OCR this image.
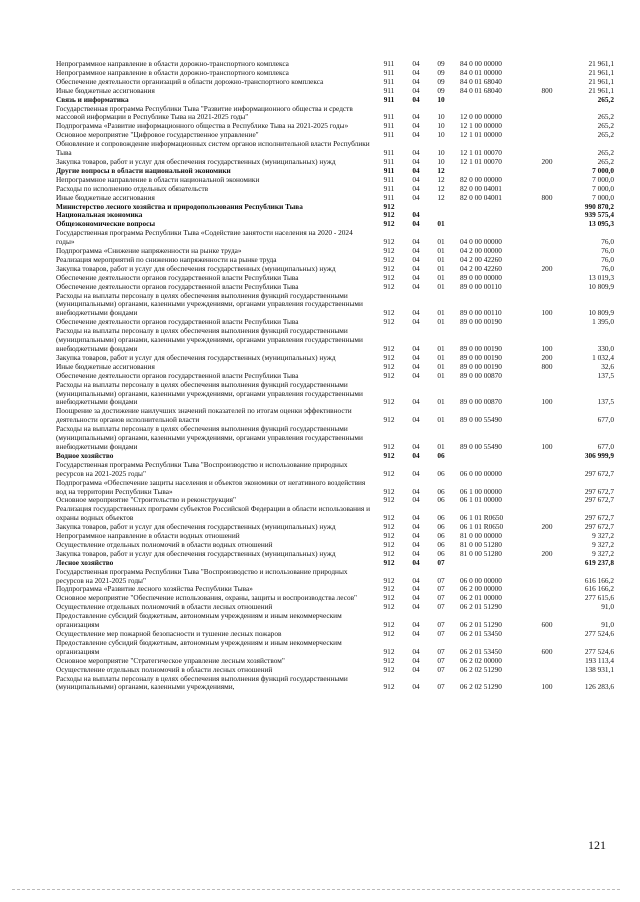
Непрограммное направление в области дорожно-транспортного комплекса	911	04	09	84 0 00 00000		21 961,1
Непрограммное направление в области дорожно-транспортного комплекса	911	04	09	84 0 01 00000		21 961,1
Обеспечение деятельности организаций в области дорожно-транспортного комплекса	911	04	09	84 0 01 68040		21 961,1
Иные бюджетные ассигнования	911	04	09	84 0 01 68040	800	21 961,1
Связь и информатика	911	04	10			265,2
Государственная программа Республики Тыва "Развитие информационного общества и средств массовой информации в Республике Тыва на 2021-2025 годы"	911	04	10	12 0 00 00000		265,2
Подпрограмма «Развитие информационного общества в Республике Тыва на 2021-2025 годы»	911	04	10	12 1 00 00000		265,2
Основное мероприятие "Цифровое государственное управление"	911	04	10	12 1 01 00000		265,2
Обновление и сопровождение информационных систем органов исполнительной власти Республики Тыва	911	04	10	12 1 01 00070		265,2
Закупка товаров, работ и услуг для обеспечения государственных (муниципальных) нужд	911	04	10	12 1 01 00070	200	265,2
Другие вопросы в области национальной экономики	911	04	12			7 000,0
Непрограммное направление в области национальной экономики	911	04	12	82 0 00 00000		7 000,0
Расходы по исполнению отдельных обязательств	911	04	12	82 0 00 04001		7 000,0
Иные бюджетные ассигнования	911	04	12	82 0 00 04001	800	7 000,0
Министерство лесного хозяйства и природопользования Республики Тыва	912					990 870,2
Национальная экономика	912	04				939 575,4
Общеэкономические вопросы	912	04	01			13 095,3
Государственная программа Республики Тыва «Содействие занятости населения на 2020 - 2024 годы»	912	04	01	04 0 00 00000		76,0
Подпрограмма «Снижение напряженности на рынке труда»	912	04	01	04 2 00 00000		76,0
Реализация мероприятий по снижению напряженности на рынке труда	912	04	01	04 2 00 42260		76,0
Закупка товаров, работ и услуг для обеспечения государственных (муниципальных) нужд	912	04	01	04 2 00 42260	200	76,0
Обеспечение деятельности органов государственной власти Республики Тыва	912	04	01	89 0 00 00000		13 019,3
Обеспечение деятельности органов государственной власти Республики Тыва	912	04	01	89 0 00 00110		10 809,9
Расходы на выплаты персоналу в целях обеспечения выполнения функций государственными (муниципальными) органами, казенными учреждениями, органами управления государственными внебюджетными фондами	912	04	01	89 0 00 00110	100	10 809,9
Обеспечение деятельности органов государственной власти Республики Тыва	912	04	01	89 0 00 00190		1 395,0
Расходы на выплаты персоналу в целях обеспечения выполнения функций государственными (муниципальными) органами, казенными учреждениями, органами управления государственными внебюджетными фондами	912	04	01	89 0 00 00190	100	330,0
Закупка товаров, работ и услуг для обеспечения государственных (муниципальных) нужд	912	04	01	89 0 00 00190	200	1 032,4
Иные бюджетные ассигнования	912	04	01	89 0 00 00190	800	32,6
Обеспечение деятельности органов государственной власти Республики Тыва	912	04	01	89 0 00 00870		137,5
Расходы на выплаты персоналу в целях обеспечения выполнения функций государственными (муниципальными) органами, казенными учреждениями, органами управления государственными внебюджетными фондами	912	04	01	89 0 00 00870	100	137,5
Поощрение за достижение наилучших значений показателей по итогам оценки эффективности деятельности органов исполнительной власти	912	04	01	89 0 00 55490		677,0
Расходы на выплаты персоналу в целях обеспечения выполнения функций государственными (муниципальными) органами, казенными учреждениями, органами управления государственными внебюджетными фондами	912	04	01	89 0 00 55490	100	677,0
Водное хозяйство	912	04	06			306 999,9
Государственная программа Республики Тыва "Воспроизводство и использование природных ресурсов на 2021-2025 годы"	912	04	06	06 0 00 00000		297 672,7
Подпрограмма «Обеспечение защиты населения и объектов экономики от негативного воздействия вод на территории Республики Тыва»	912	04	06	06 1 00 00000		297 672,7
Основное мероприятие "Строительство и реконструкция"	912	04	06	06 1 01 00000		297 672,7
Реализация государственных программ субъектов Российской Федерации в области использования и охраны водных объектов	912	04	06	06 1 01 R0650		297 672,7
Закупка товаров, работ и услуг для обеспечения государственных (муниципальных) нужд	912	04	06	06 1 01 R0650	200	297 672,7
Непрограммное направление в области водных отношений	912	04	06	81 0 00 00000		9 327,2
Осуществление отдельных полномочий в области водных отношений	912	04	06	81 0 00 51280		9 327,2
Закупка товаров, работ и услуг для обеспечения государственных (муниципальных) нужд	912	04	06	81 0 00 51280	200	9 327,2
Лесное хозяйство	912	04	07			619 237,8
Государственная программа Республики Тыва "Воспроизводство и использование природных ресурсов на 2021-2025 годы"	912	04	07	06 0 00 00000		616 166,2
Подпрограмма «Развитие лесного хозяйства Республики Тыва»	912	04	07	06 2 00 00000		616 166,2
Основное мероприятие "Обеспечение использования, охраны, защиты и воспроизводства лесов"	912	04	07	06 2 01 00000		277 615,6
Осуществление отдельных полномочий в области лесных отношений	912	04	07	06 2 01 51290		91,0
Предоставление субсидий бюджетным, автономным учреждениям и иным некоммерческим организациям	912	04	07	06 2 01 51290	600	91,0
Осуществление мер пожарной безопасности и тушение лесных пожаров	912	04	07	06 2 01 53450		277 524,6
Предоставление субсидий бюджетным, автономным учреждениям и иным некоммерческим организациям	912	04	07	06 2 01 53450	600	277 524,6
Основное мероприятие "Стратегическое управление лесным хозяйством"	912	04	07	06 2 02 00000		193 113,4
Осуществление отдельных полномочий в области лесных отношений	912	04	07	06 2 02 51290		138 931,1
Расходы на выплаты персоналу в целях обеспечения выполнения функций государственными (муниципальными) органами, казенными учреждениями,	912	04	07	06 2 02 51290	100	126 283,6
121
